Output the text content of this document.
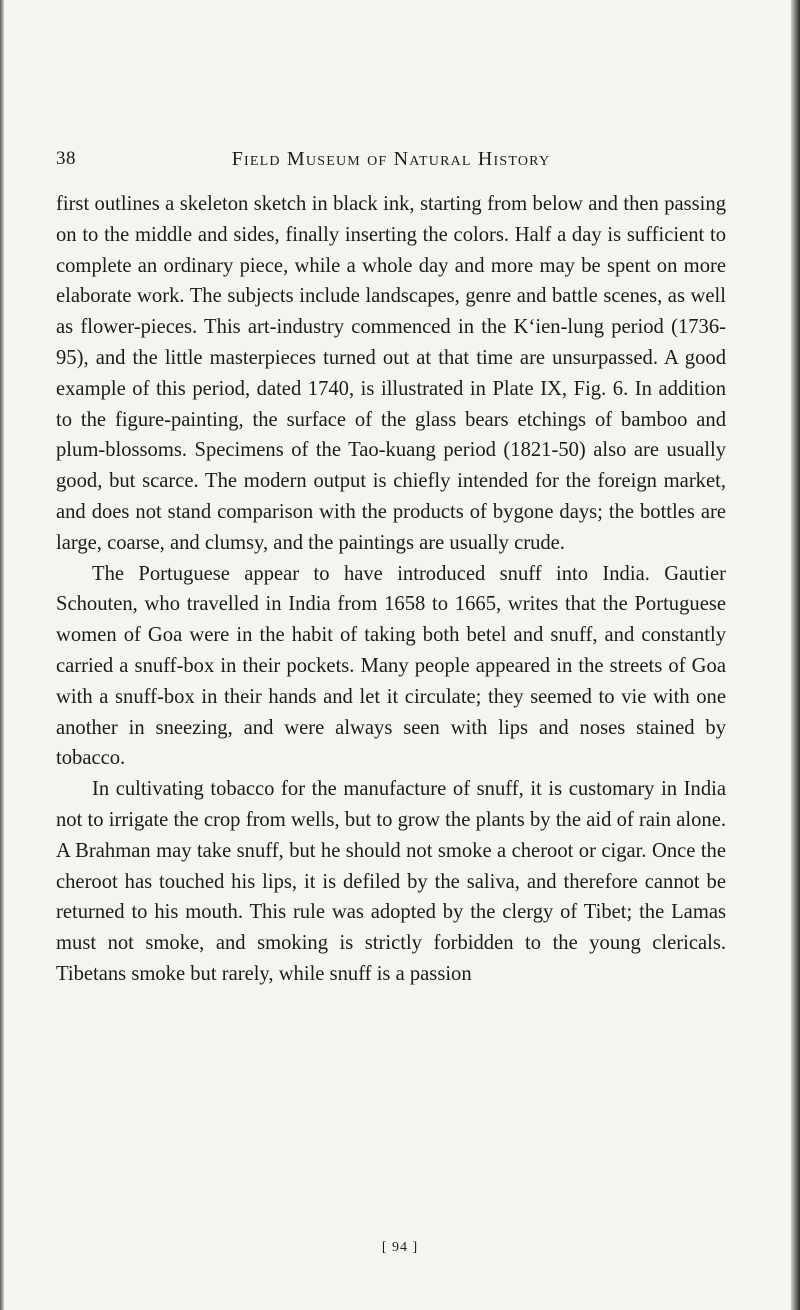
38	Field Museum of Natural History

first outlines a skeleton sketch in black ink, starting from below and then passing on to the middle and sides, finally inserting the colors. Half a day is sufficient to complete an ordinary piece, while a whole day and more may be spent on more elaborate work. The subjects include landscapes, genre and battle scenes, as well as flower-pieces. This art-industry commenced in the K‘ien-lung period (1736-95), and the little masterpieces turned out at that time are unsurpassed. A good example of this period, dated 1740, is illustrated in Plate IX, Fig. 6. In addition to the figure-painting, the surface of the glass bears etchings of bamboo and plum-blossoms. Specimens of the Tao-kuang period (1821-50) also are usually good, but scarce. The modern output is chiefly intended for the foreign market, and does not stand comparison with the products of bygone days; the bottles are large, coarse, and clumsy, and the paintings are usually crude.

The Portuguese appear to have introduced snuff into India. Gautier Schouten, who travelled in India from 1658 to 1665, writes that the Portuguese women of Goa were in the habit of taking both betel and snuff, and constantly carried a snuff-box in their pockets. Many people appeared in the streets of Goa with a snuff-box in their hands and let it circulate; they seemed to vie with one another in sneezing, and were always seen with lips and noses stained by tobacco.

In cultivating tobacco for the manufacture of snuff, it is customary in India not to irrigate the crop from wells, but to grow the plants by the aid of rain alone. A Brahman may take snuff, but he should not smoke a cheroot or cigar. Once the cheroot has touched his lips, it is defiled by the saliva, and therefore cannot be returned to his mouth. This rule was adopted by the clergy of Tibet; the Lamas must not smoke, and smoking is strictly forbidden to the young clericals. Tibetans smoke but rarely, while snuff is a passion

[ 94 ]
